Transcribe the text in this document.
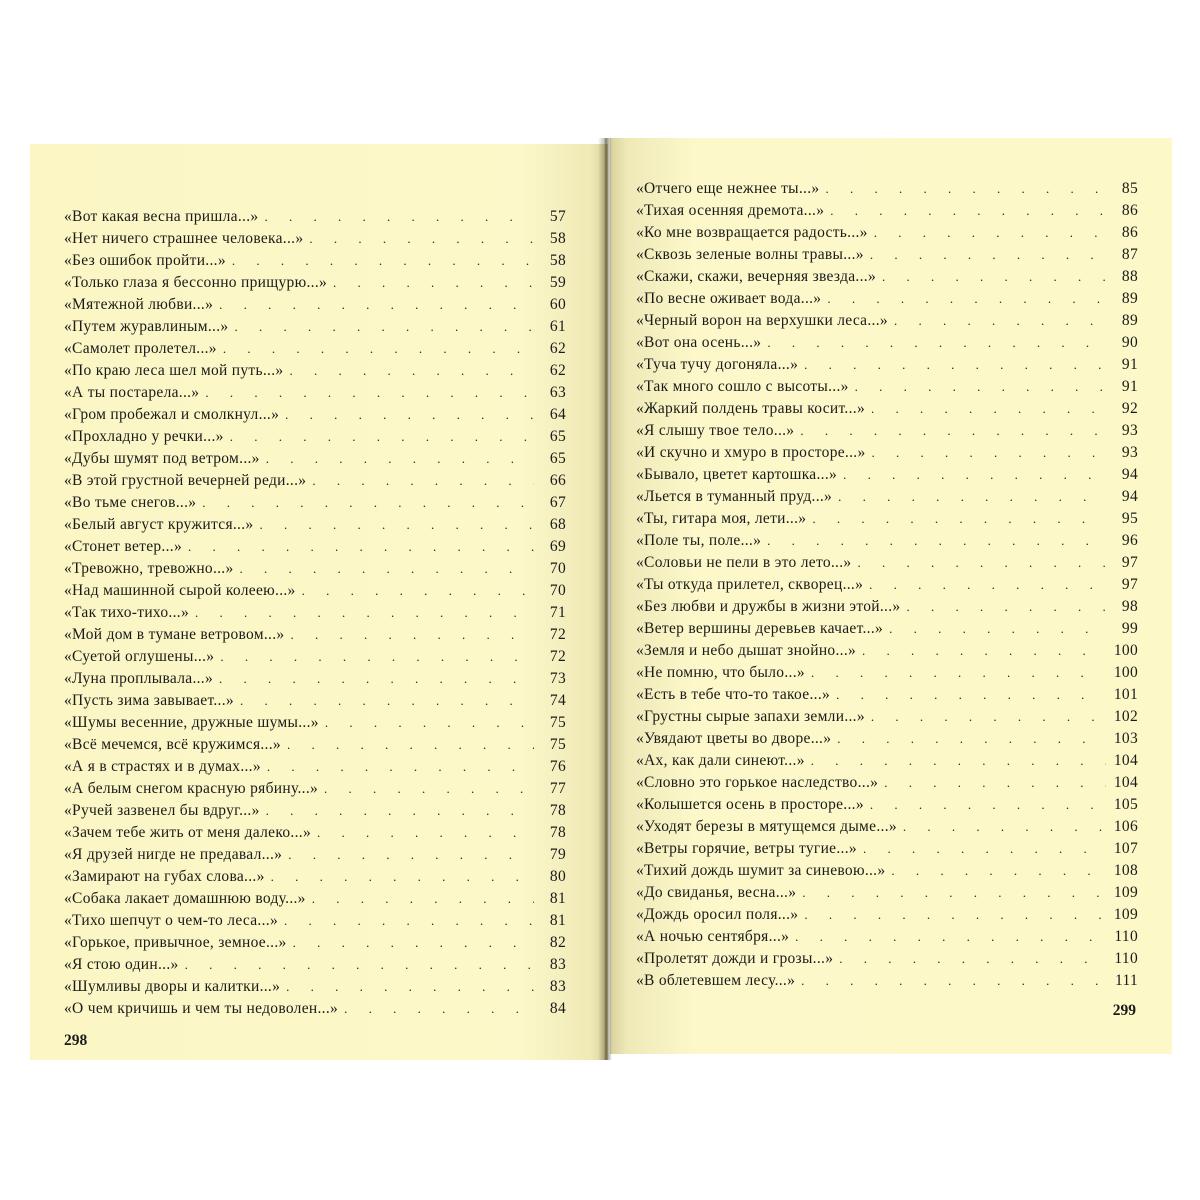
«Вот какая весна пришла...» . . .	57
«Нет ничего страшнее человека...» . . .	58
«Без ошибок пройти...» . . .	58
«Только глаза я бессонно прищурю...» . . .	59
«Мятежной любви...» . . .	60
«Путем журавлиным...» . . .	61
«Самолет пролетел...» . . .	62
«По краю леса шел мой путь...» . . .	62
«А ты постарела...» . . .	63
«Гром пробежал и смолкнул...» . . .	64
«Прохладно у речки...» . . .	65
«Дубы шумят под ветром...» . . .	65
«В этой грустной вечерней реди...» . . .	66
«Во тьме снегов...» . . .	67
«Белый август кружится...» . . .	68
«Стонет ветер...» . . .	69
«Тревожно, тревожно...» . . .	70
«Над машинной сырой колеею...» . . .	70
«Так тихо-тихо...» . . .	71
«Мой дом в тумане ветровом...» . . .	72
«Суетой оглушены...» . . .	72
«Луна проплывала...» . . .	73
«Пусть зима завывает...» . . .	74
«Шумы весенние, дружные шумы...» . . .	75
«Всё мечемся, всё кружимся...» . . .	75
«А я в страстях и в думах...» . . .	76
«А белым снегом красную рябину...» . . .	77
«Ручей зазвенел бы вдруг...» . . .	78
«Зачем тебе жить от меня далеко...» . . .	78
«Я друзей нигде не предавал...» . . .	79
«Замирают на губах слова...» . . .	80
«Собака лакает домашнюю воду...» . . .	81
«Тихо шепчут о чем-то леса...» . . .	81
«Горькое, привычное, земное...» . . .	82
«Я стою один...» . . .	83
«Шумливы дворы и калитки...» . . .	83
«О чем кричишь и чем ты недоволен...» . . .	84
298
«Отчего еще нежнее ты...» . . .	85
«Тихая осенняя дремота...» . . .	86
«Ко мне возвращается радость...» . . .	86
«Сквозь зеленые волны травы...» . . .	87
«Скажи, скажи, вечерняя звезда...» . . .	88
«По весне оживает вода...» . . .	89
«Черный ворон на верхушки леса...» . . .	89
«Вот она осень...» . . .	90
«Туча тучу догоняла...» . . .	91
«Так много сошло с высоты...» . . .	91
«Жаркий полдень травы косит...» . . .	92
«Я слышу твое тело...» . . .	93
«И скучно и хмуро в просторе...» . . .	93
«Бывало, цветет картошка...» . . .	94
«Льется в туманный пруд...» . . .	94
«Ты, гитара моя, лети...» . . .	95
«Поле ты, поле...» . . .	96
«Соловьи не пели в это лето...» . . .	97
«Ты откуда прилетел, скворец...» . . .	97
«Без любви и дружбы в жизни этой...» . . .	98
«Ветер вершины деревьев качает...» . . .	99
«Земля и небо дышат знойно...» . . .	100
«Не помню, что было...» . . .	100
«Есть в тебе что-то такое...» . . .	101
«Грустны сырые запахи земли...» . . .	102
«Увядают цветы во дворе...» . . .	103
«Ах, как дали синеют...» . . .	104
«Словно это горькое наследство...» . . .	104
«Колышется осень в просторе...» . . .	105
«Уходят березы в мятущемся дыме...» . . .	106
«Ветры горячие, ветры тугие...» . . .	107
«Тихий дождь шумит за синевою...» . . .	108
«До свиданья, весна...» . . .	109
«Дождь оросил поля...» . . .	109
«А ночью сентября...» . . .	110
«Пролетят дожди и грозы...» . . .	110
«В облетевшем лесу...» . . .	111
299
